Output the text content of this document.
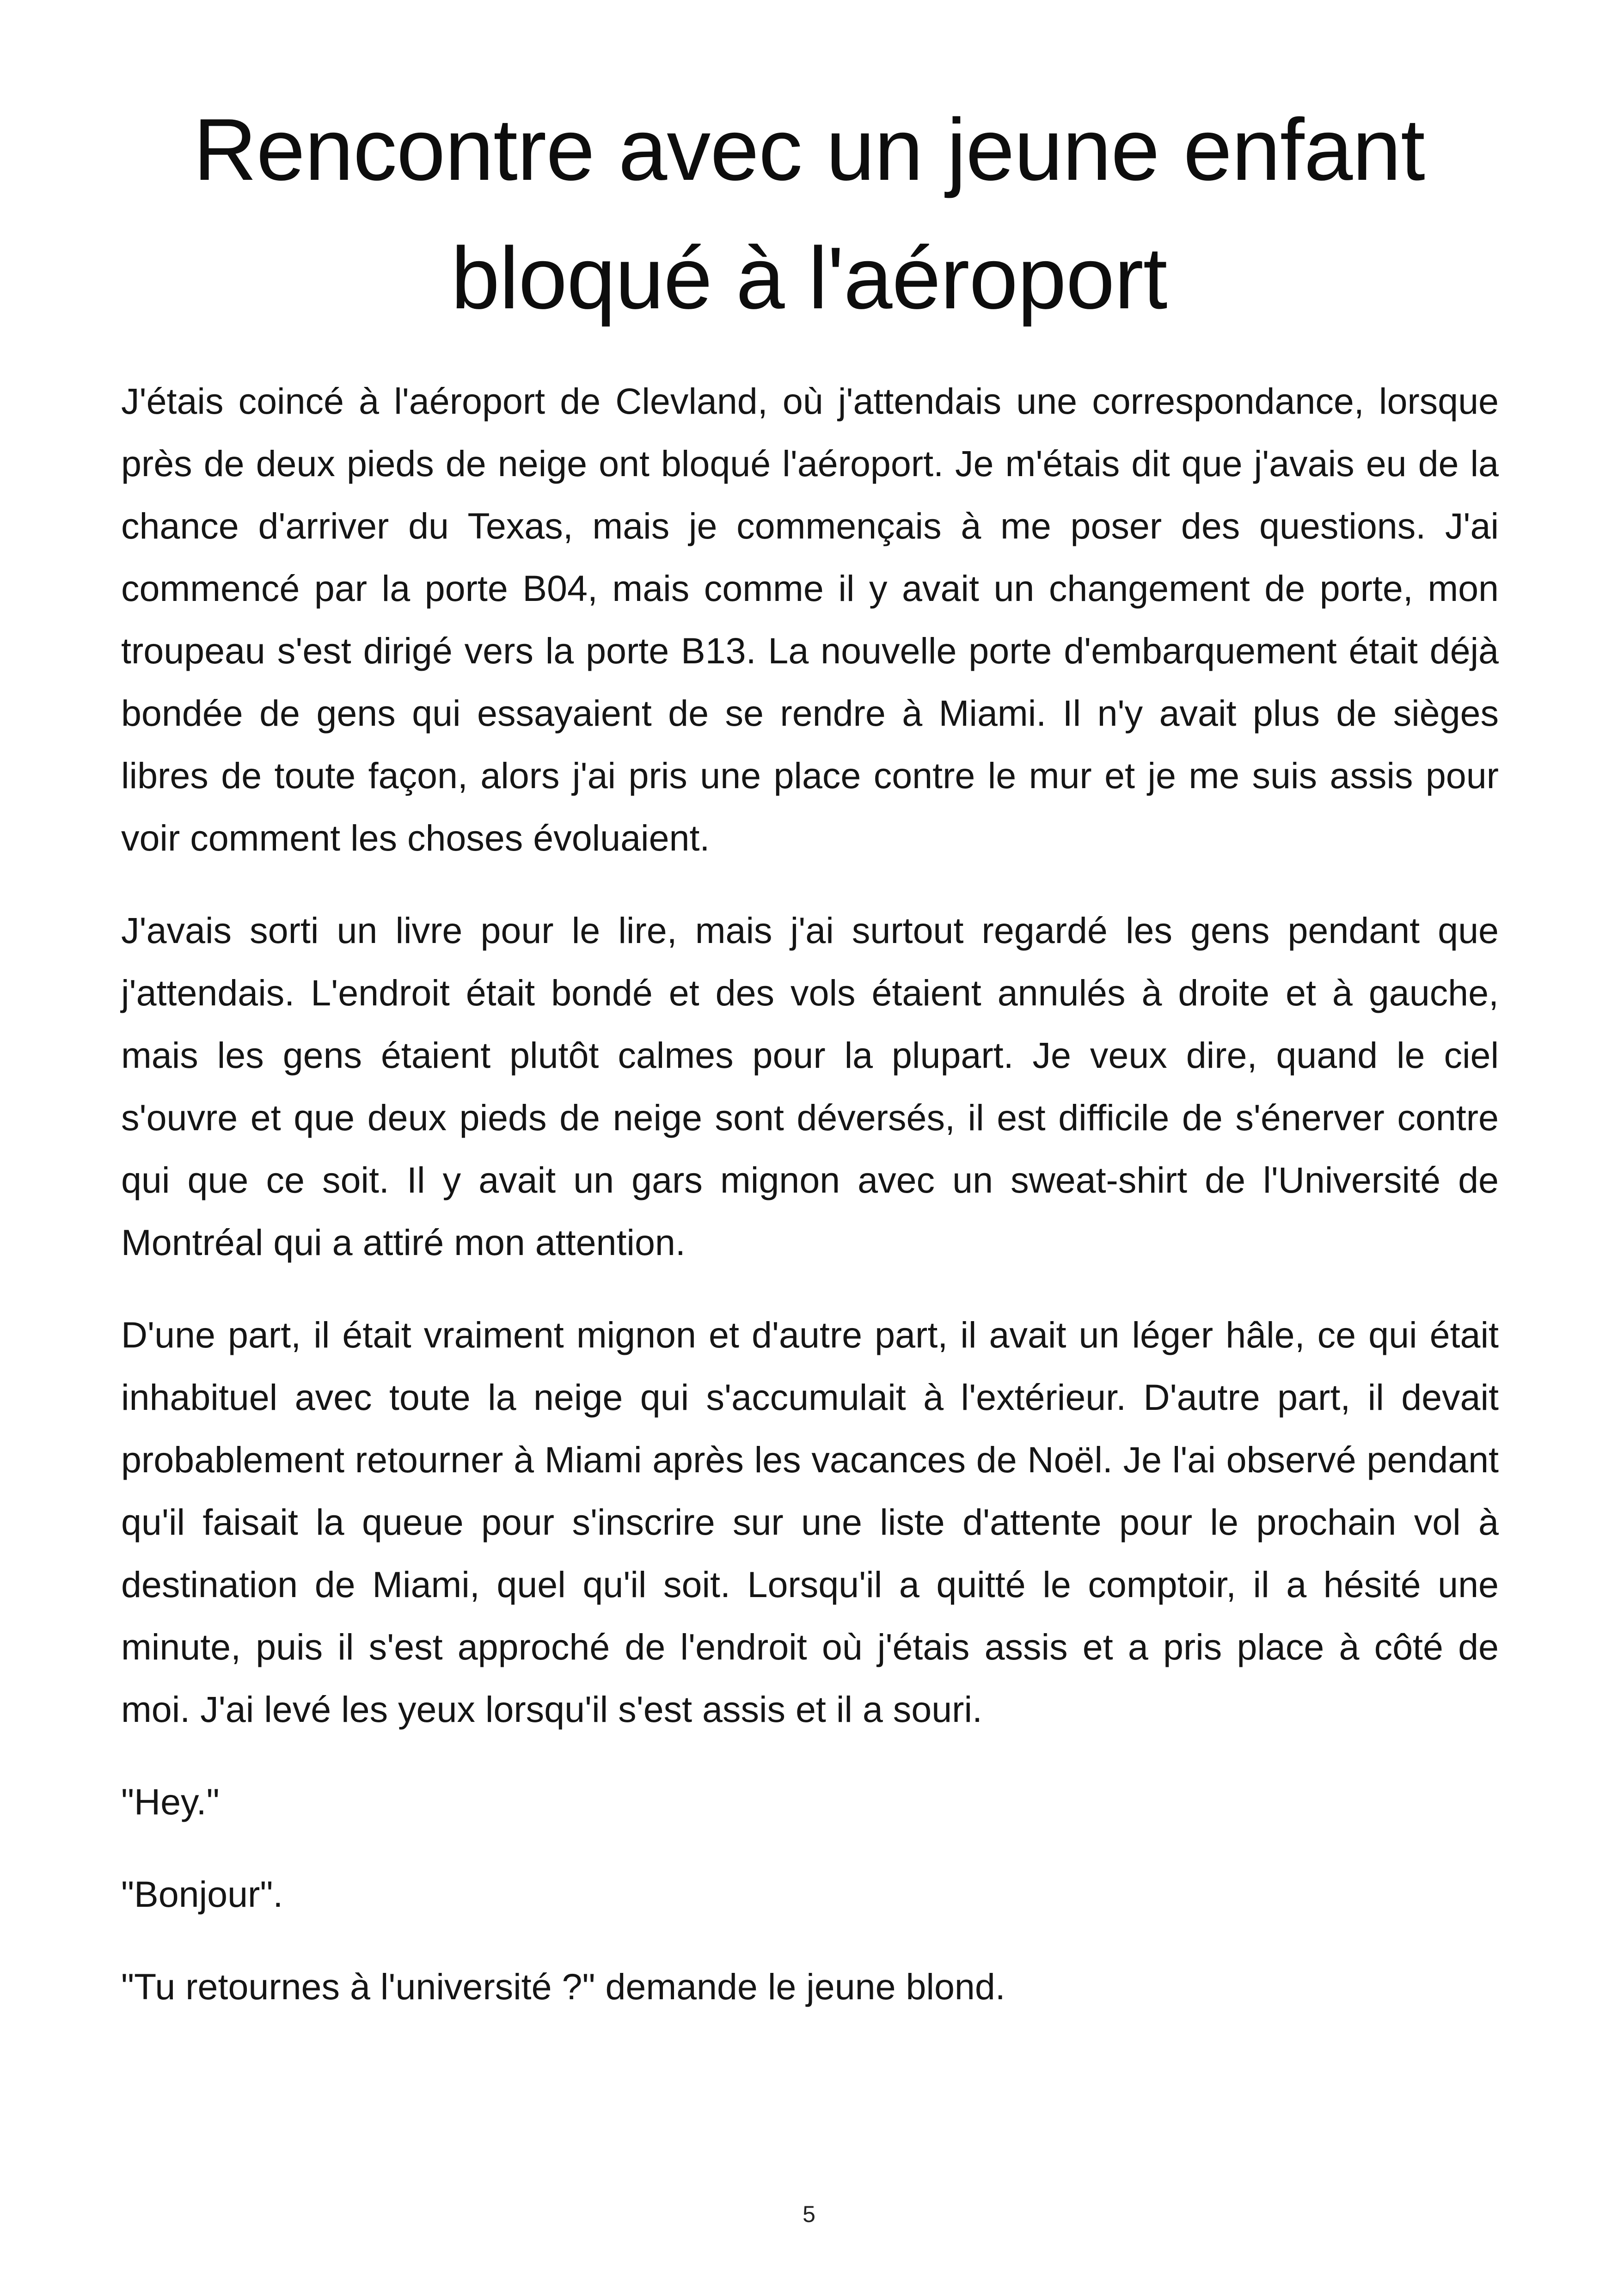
Rencontre avec un jeune enfant
bloqué à l'aéroport

J'étais coincé à l'aéroport de Clevland, où j'attendais une correspondance, lorsque près de deux pieds de neige ont bloqué l'aéroport. Je m'étais dit que j'avais eu de la chance d'arriver du Texas, mais je commençais à me poser des questions. J'ai commencé par la porte B04, mais comme il y avait un changement de porte, mon troupeau s'est dirigé vers la porte B13. La nouvelle porte d'embarquement était déjà bondée de gens qui essayaient de se rendre à Miami. Il n'y avait plus de sièges libres de toute façon, alors j'ai pris une place contre le mur et je me suis assis pour voir comment les choses évoluaient.

J'avais sorti un livre pour le lire, mais j'ai surtout regardé les gens pendant que j'attendais. L'endroit était bondé et des vols étaient annulés à droite et à gauche, mais les gens étaient plutôt calmes pour la plupart. Je veux dire, quand le ciel s'ouvre et que deux pieds de neige sont déversés, il est difficile de s'énerver contre qui que ce soit. Il y avait un gars mignon avec un sweat-shirt de l'Université de Montréal qui a attiré mon attention.

D'une part, il était vraiment mignon et d'autre part, il avait un léger hâle, ce qui était inhabituel avec toute la neige qui s'accumulait à l'extérieur. D'autre part, il devait probablement retourner à Miami après les vacances de Noël. Je l'ai observé pendant qu'il faisait la queue pour s'inscrire sur une liste d'attente pour le prochain vol à destination de Miami, quel qu'il soit. Lorsqu'il a quitté le comptoir, il a hésité une minute, puis il s'est approché de l'endroit où j'étais assis et a pris place à côté de moi. J'ai levé les yeux lorsqu'il s'est assis et il a souri.

"Hey."

"Bonjour".

"Tu retournes à l'université ?" demande le jeune blond.

5
